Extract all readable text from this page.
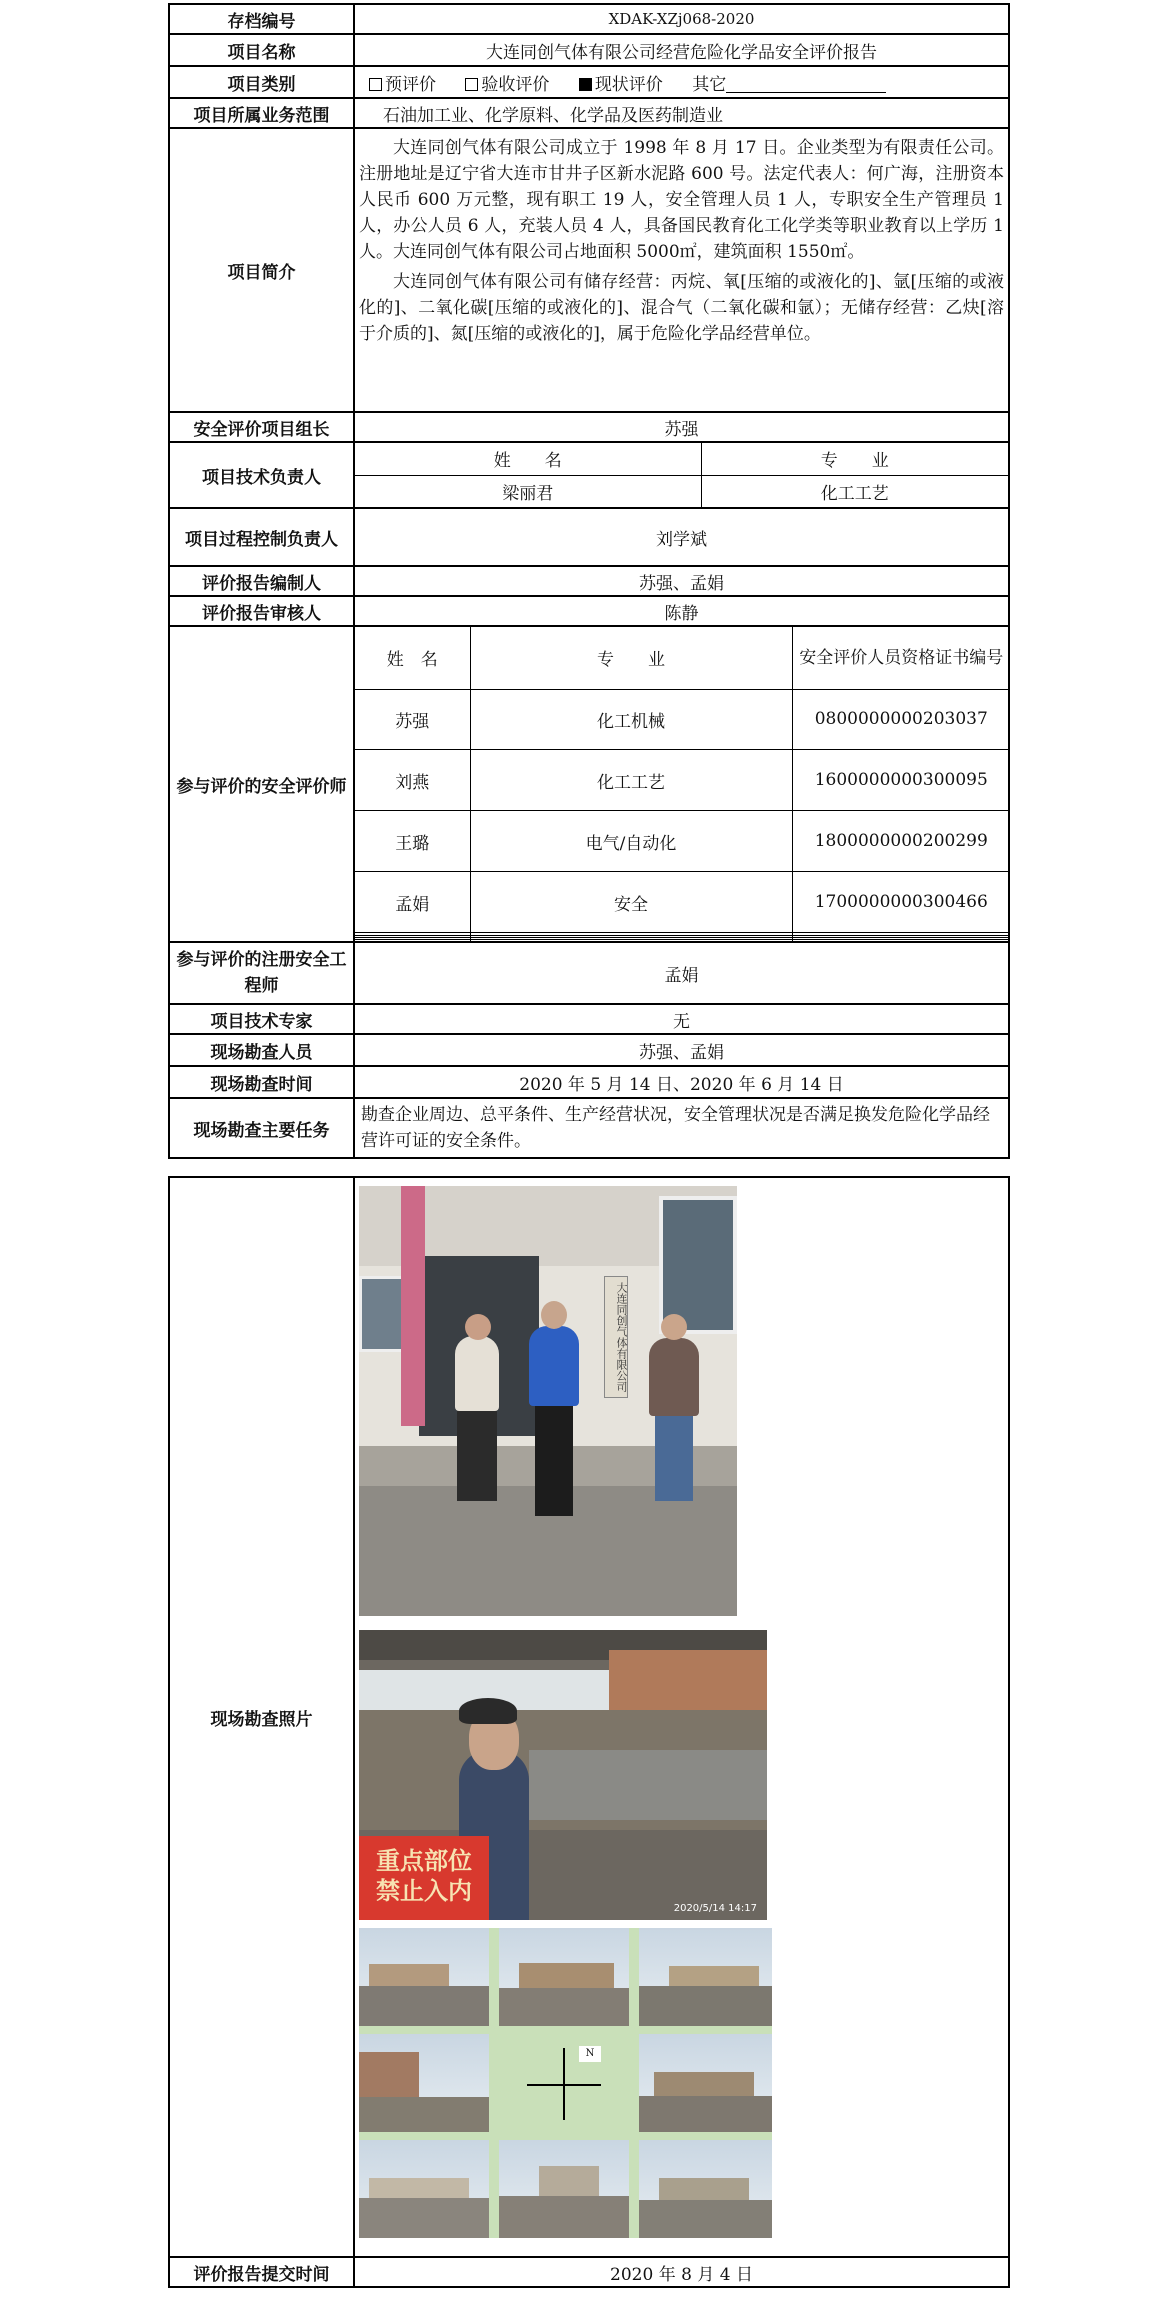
存档编号	XDAK-XZj068-2020
项目名称	大连同创气体有限公司经营危险化学品安全评价报告
项目类别	预评价	验收评价	现状评价 其它
项目所属业务范围	石油加工业、化学原料、化学品及医药制造业
项目简介	

大连同创气体有限公司成立于 1998 年 8 月 17 日。企业类型为有限责任公司。注册地址是辽宁省大连市甘井子区新水泥路 600 号。法定代表人：何广海，注册资本人民币 600 万元整，现有职工 19 人，安全管理人员 1 人，专职安全生产管理员 1 人，办公人员 6 人，充装人员 4 人，具备国民教育化工化学类等职业教育以上学历 1 人。大连同创气体有限公司占地面积 5000㎡，建筑面积 1550㎡。

大连同创气体有限公司有储存经营：丙烷、氧[压缩的或液化的]、氩[压缩的或液化的]、二氧化碳[压缩的或液化的]、混合气（二氧化碳和氩）；无储存经营：乙炔[溶于介质的]、氮[压缩的或液化的]，属于危险化学品经营单位。

安全评价项目组长	苏强
项目技术负责人	
姓　　名	专　　业
梁丽君	化工工艺

项目过程控制负责人	刘学斌
评价报告编制人	苏强、孟娟
评价报告审核人	陈静
参与评价的安全评价师	
姓　名	专　　业	安全评价人员资格证书编号
苏强	化工机械	0800000000203037
刘燕	化工工艺	1600000000300095
王璐	电气/自动化	1800000000200299
孟娟	安全	1700000000300466

参与评价的注册安全工程师	孟娟
项目技术专家	无
现场勘查人员	苏强、孟娟
现场勘查时间	2020 年 5 月 14 日、2020 年 6 月 14 日
现场勘查主要任务	勘查企业周边、总平条件、生产经营状况，安全管理状况是否满足换发危险化学品经营许可证的安全条件。
现场勘查照片	大连同创气体有限公司
重点部位
禁止入内
2020/5/14 14:17
N

评价报告提交时间	2020 年 8 月 4 日
